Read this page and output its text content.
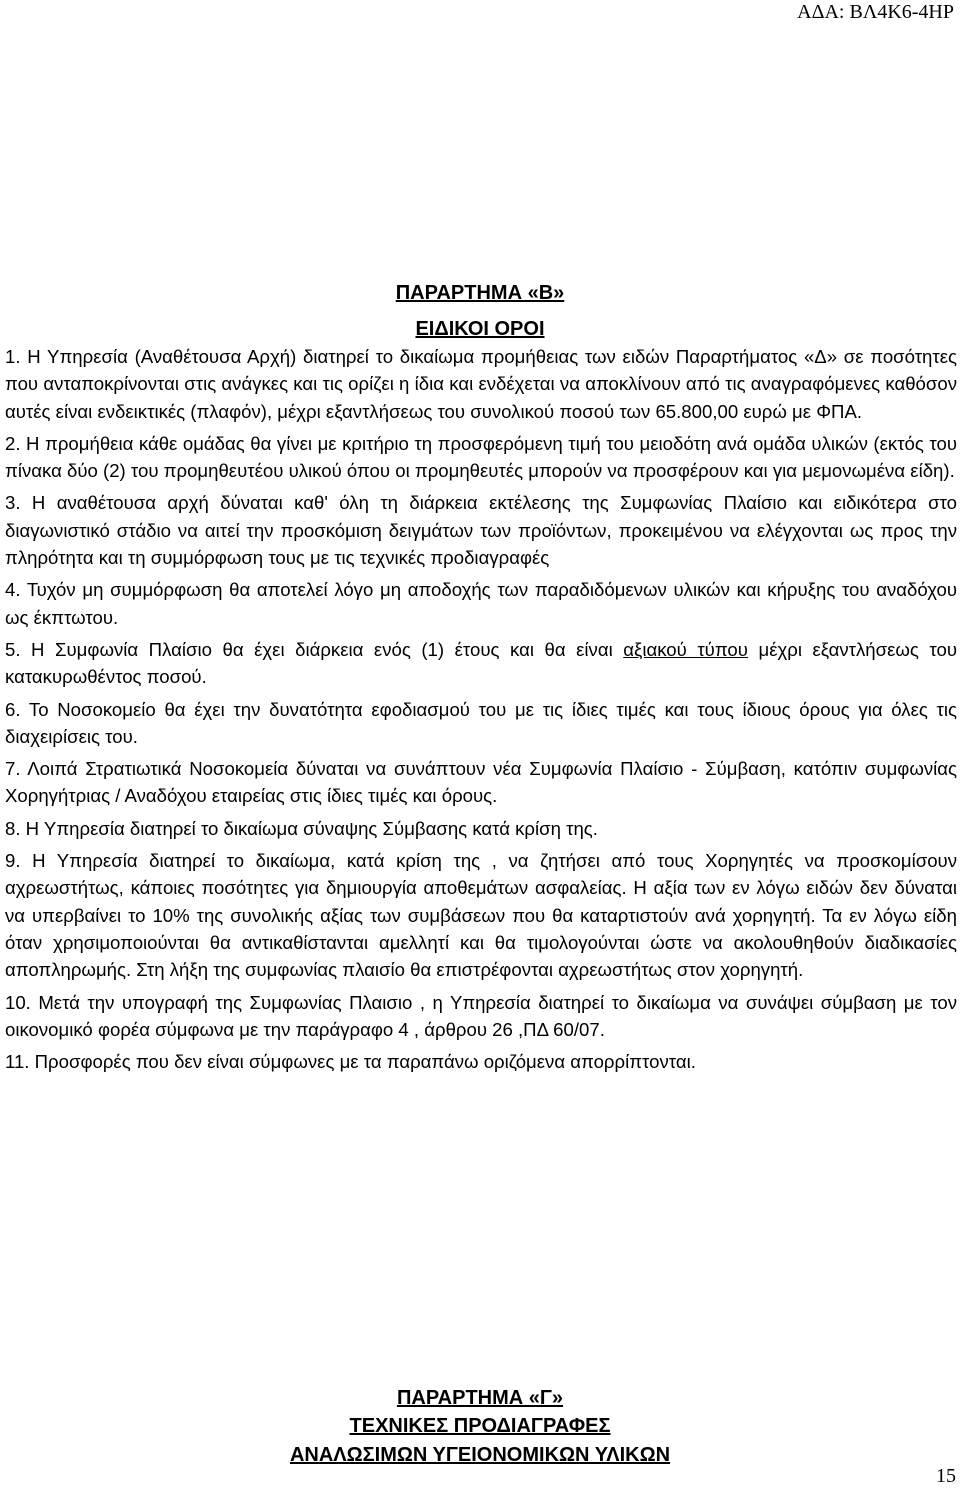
ΑΔΑ: ΒΛ4Κ6-4ΗΡ
ΠΑΡΑΡΤΗΜΑ «Β»
ΕΙΔΙΚΟΙ ΟΡΟΙ

1. Η Υπηρεσία (Αναθέτουσα Αρχή) διατηρεί το δικαίωμα προμήθειας των ειδών Παραρτήματος «Δ» σε ποσότητες που ανταποκρίνονται στις ανάγκες και τις ορίζει η ίδια και ενδέχεται να αποκλίνουν από τις αναγραφόμενες καθόσον αυτές είναι ενδεικτικές (πλαφόν), μέχρι εξαντλήσεως του συνολικού ποσού των 65.800,00 ευρώ με ΦΠΑ.

2. Η προμήθεια κάθε ομάδας θα γίνει με κριτήριο τη προσφερόμενη τιμή του μειοδότη ανά ομάδα υλικών (εκτός του πίνακα δύο (2) του προμηθευτέου υλικού όπου οι προμηθευτές μπορούν να προσφέρουν και για μεμονωμένα είδη).

3. Η αναθέτουσα αρχή δύναται καθ' όλη τη διάρκεια εκτέλεσης της Συμφωνίας Πλαίσιο και ειδικότερα στο διαγωνιστικό στάδιο να αιτεί την προσκόμιση δειγμάτων των προϊόντων, προκειμένου να ελέγχονται ως προς την πληρότητα και τη συμμόρφωση τους με τις τεχνικές προδιαγραφές

4. Τυχόν μη συμμόρφωση θα αποτελεί λόγο μη αποδοχής των παραδιδόμενων υλικών και κήρυξης του αναδόχου ως έκπτωτου.

5. Η Συμφωνία Πλαίσιο θα έχει διάρκεια ενός (1) έτους και θα είναι αξιακού τύπου μέχρι εξαντλήσεως του κατακυρωθέντος ποσού.

6. Το Νοσοκομείο θα έχει την δυνατότητα εφοδιασμού του με τις ίδιες τιμές και τους ίδιους όρους για όλες τις διαχειρίσεις του.

7. Λοιπά Στρατιωτικά Νοσοκομεία δύναται να συνάπτουν νέα Συμφωνία Πλαίσιο - Σύμβαση, κατόπιν συμφωνίας Χορηγήτριας / Αναδόχου εταιρείας στις ίδιες τιμές και όρους.

8. Η Υπηρεσία διατηρεί το δικαίωμα σύναψης Σύμβασης κατά κρίση της.

9. Η Υπηρεσία διατηρεί το δικαίωμα, κατά κρίση της , να ζητήσει από τους Χορηγητές να προσκομίσουν αχρεωστήτως, κάποιες ποσότητες για δημιουργία αποθεμάτων ασφαλείας. Η αξία των εν λόγω ειδών δεν δύναται να υπερβαίνει το 10% της συνολικής αξίας των συμβάσεων που θα καταρτιστούν ανά χορηγητή. Τα εν λόγω είδη όταν χρησιμοποιούνται θα αντικαθίστανται αμελλητί και θα τιμολογούνται ώστε να ακολουθηθούν διαδικασίες αποπληρωμής. Στη λήξη της συμφωνίας πλαισίο θα επιστρέφονται αχρεωστήτως στον χορηγητή.

10. Μετά την υπογραφή της Συμφωνίας Πλαισιο , η Υπηρεσία διατηρεί το δικαίωμα να συνάψει σύμβαση με τον οικονομικό φορέα σύμφωνα με την παράγραφο 4 , άρθρου 26 ,ΠΔ 60/07.

11. Προσφορές που δεν είναι σύμφωνες με τα παραπάνω οριζόμενα απορρίπτονται.

ΠΑΡΑΡΤΗΜΑ «Γ»
ΤΕΧΝΙΚΕΣ ΠΡΟΔΙΑΓΡΑΦΕΣ
ΑΝΑΛΩΣΙΜΩΝ ΥΓΕΙΟΝΟΜΙΚΩΝ ΥΛΙΚΩΝ
15
